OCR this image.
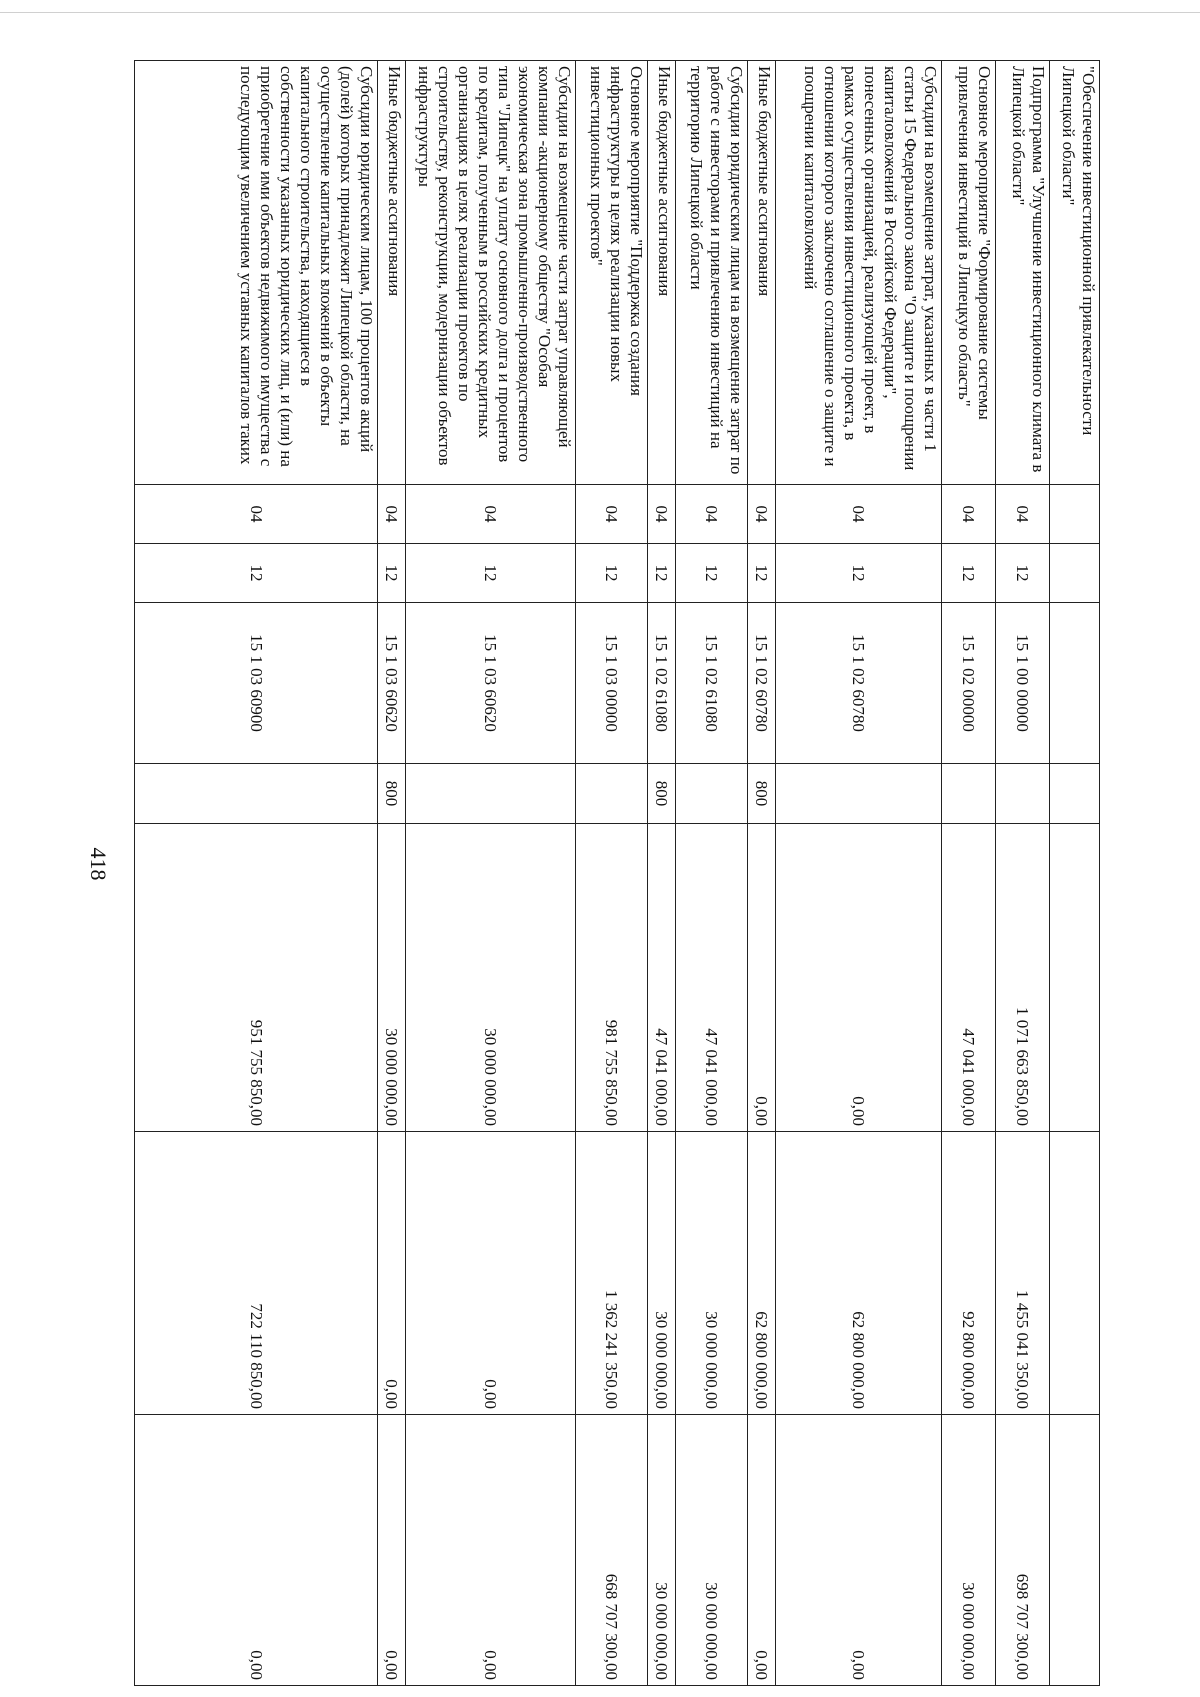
418
"Обеспечение инвестиционной привлекательности Липецкой области"							
Подпрограмма "Улучшение инвестиционного климата в Липецкой области"	04	12	15 1 00 00000		1 071 663 850,00	1 455 041 350,00	698 707 300,00
Основное мероприятие "Формирование системы привлечения инвестиций в Липецкую область"	04	12	15 1 02 00000		47 041 000,00	92 800 000,00	30 000 000,00
Субсидии на возмещение затрат, указанных в части 1 статьи 15 Федерального закона "О защите и поощрении капиталовложений в Российской Федерации", понесенных организацией, реализующей проект, в рамках осуществления инвестиционного проекта, в отношении которого заключено соглашение о защите и поощрении капиталовложений	04	12	15 1 02 60780		0,00	62 800 000,00	0,00
Иные бюджетные ассигнования	04	12	15 1 02 60780	800	0,00	62 800 000,00	0,00
Субсидии юридическим лицам на возмещение затрат по работе с инвесторами и привлечению инвестиций на территорию Липецкой области	04	12	15 1 02 61080		47 041 000,00	30 000 000,00	30 000 000,00
Иные бюджетные ассигнования	04	12	15 1 02 61080	800	47 041 000,00	30 000 000,00	30 000 000,00
Основное мероприятие "Поддержка создания инфраструктуры в целях реализации новых инвестиционных проектов"	04	12	15 1 03 00000		981 755 850,00	1 362 241 350,00	668 707 300,00
Субсидии на возмещение части затрат управляющей компании -акционерному обществу "Особая экономическая зона промышленно-производственного типа "Липецк" на уплату основного долга и процентов по кредитам, полученным в российских кредитных организациях в целях реализации проектов по строительству, реконструкции, модернизации объектов инфраструктуры	04	12	15 1 03 60620		30 000 000,00	0,00	0,00
Иные бюджетные ассигнования	04	12	15 1 03 60620	800	30 000 000,00	0,00	0,00
Субсидии юридическим лицам, 100 процентов акций (долей) которых принадлежит Липецкой области, на осуществление капитальных вложений в объекты капитального строительства, находящиеся в собственности указанных юридических лиц, и (или) на приобретение ими объектов недвижимого имущества с последующим увеличением уставных капиталов таких	04	12	15 1 03 60900		951 755 850,00	722 110 850,00	0,00
